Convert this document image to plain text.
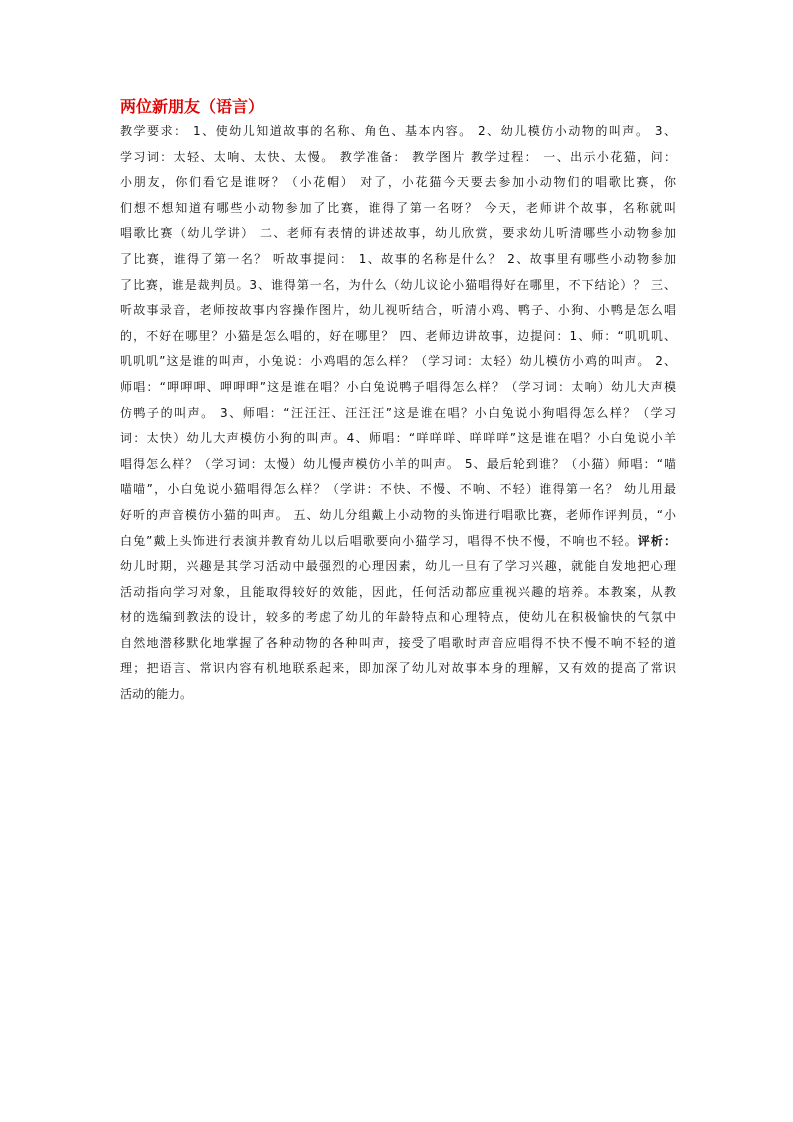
两位新朋友（语言）
教学要求： 1、使幼儿知道故事的名称、角色、基本内容。 2、幼儿模仿小动物的叫声。 3、
学习词：太轻、太响、太快、太慢。 教学准备： 教学图片 教学过程： 一、出示小花猫，问：
小朋友，你们看它是谁呀？（小花帽） 对了，小花猫今天要去参加小动物们的唱歌比赛，你
们想不想知道有哪些小动物参加了比赛，谁得了第一名呀？ 今天，老师讲个故事，名称就叫
唱歌比赛（幼儿学讲） 二、老师有表情的讲述故事，幼儿欣赏，要求幼儿听清哪些小动物参加
了比赛，谁得了第一名？ 听故事提问： 1、故事的名称是什么？ 2、故事里有哪些小动物参加
了比赛，谁是裁判员。3、谁得第一名，为什么（幼儿议论小猫唱得好在哪里，不下结论）？ 三、
听故事录音，老师按故事内容操作图片，幼儿视听结合，听清小鸡、鸭子、小狗、小鸭是怎么唱
的，不好在哪里？小猫是怎么唱的，好在哪里？ 四、老师边讲故事，边提问：1、师：“叽叽叽、
叽叽叽”这是谁的叫声，小兔说：小鸡唱的怎么样？（学习词：太轻）幼儿模仿小鸡的叫声。 2、
师唱：“呷呷呷、呷呷呷”这是谁在唱？小白兔说鸭子唱得怎么样？（学习词：太响）幼儿大声模
仿鸭子的叫声。 3、师唱：“汪汪汪、汪汪汪”这是谁在唱？小白兔说小狗唱得怎么样？（学习
词：太快）幼儿大声模仿小狗的叫声。4、师唱：“咩咩咩、咩咩咩”这是谁在唱？小白兔说小羊
唱得怎么样？（学习词：太慢）幼儿慢声模仿小羊的叫声。 5、最后轮到谁？（小猫）师唱：“喵
喵喵”，小白兔说小猫唱得怎么样？（学讲：不快、不慢、不响、不轻）谁得第一名？ 幼儿用最
好听的声音模仿小猫的叫声。 五、幼儿分组戴上小动物的头饰进行唱歌比赛，老师作评判员，“小
白兔”戴上头饰进行表演并教育幼儿以后唱歌要向小猫学习，唱得不快不慢，不响也不轻。评析：
幼儿时期，兴趣是其学习活动中最强烈的心理因素，幼儿一旦有了学习兴趣，就能自发地把心理
活动指向学习对象，且能取得较好的效能，因此，任何活动都应重视兴趣的培养。本教案，从教
材的选编到教法的设计，较多的考虑了幼儿的年龄特点和心理特点，使幼儿在积极愉快的气氛中
自然地潜移默化地掌握了各种动物的各种叫声，接受了唱歌时声音应唱得不快不慢不响不轻的道
理；把语言、常识内容有机地联系起来，即加深了幼儿对故事本身的理解，又有效的提高了常识
活动的能力。
